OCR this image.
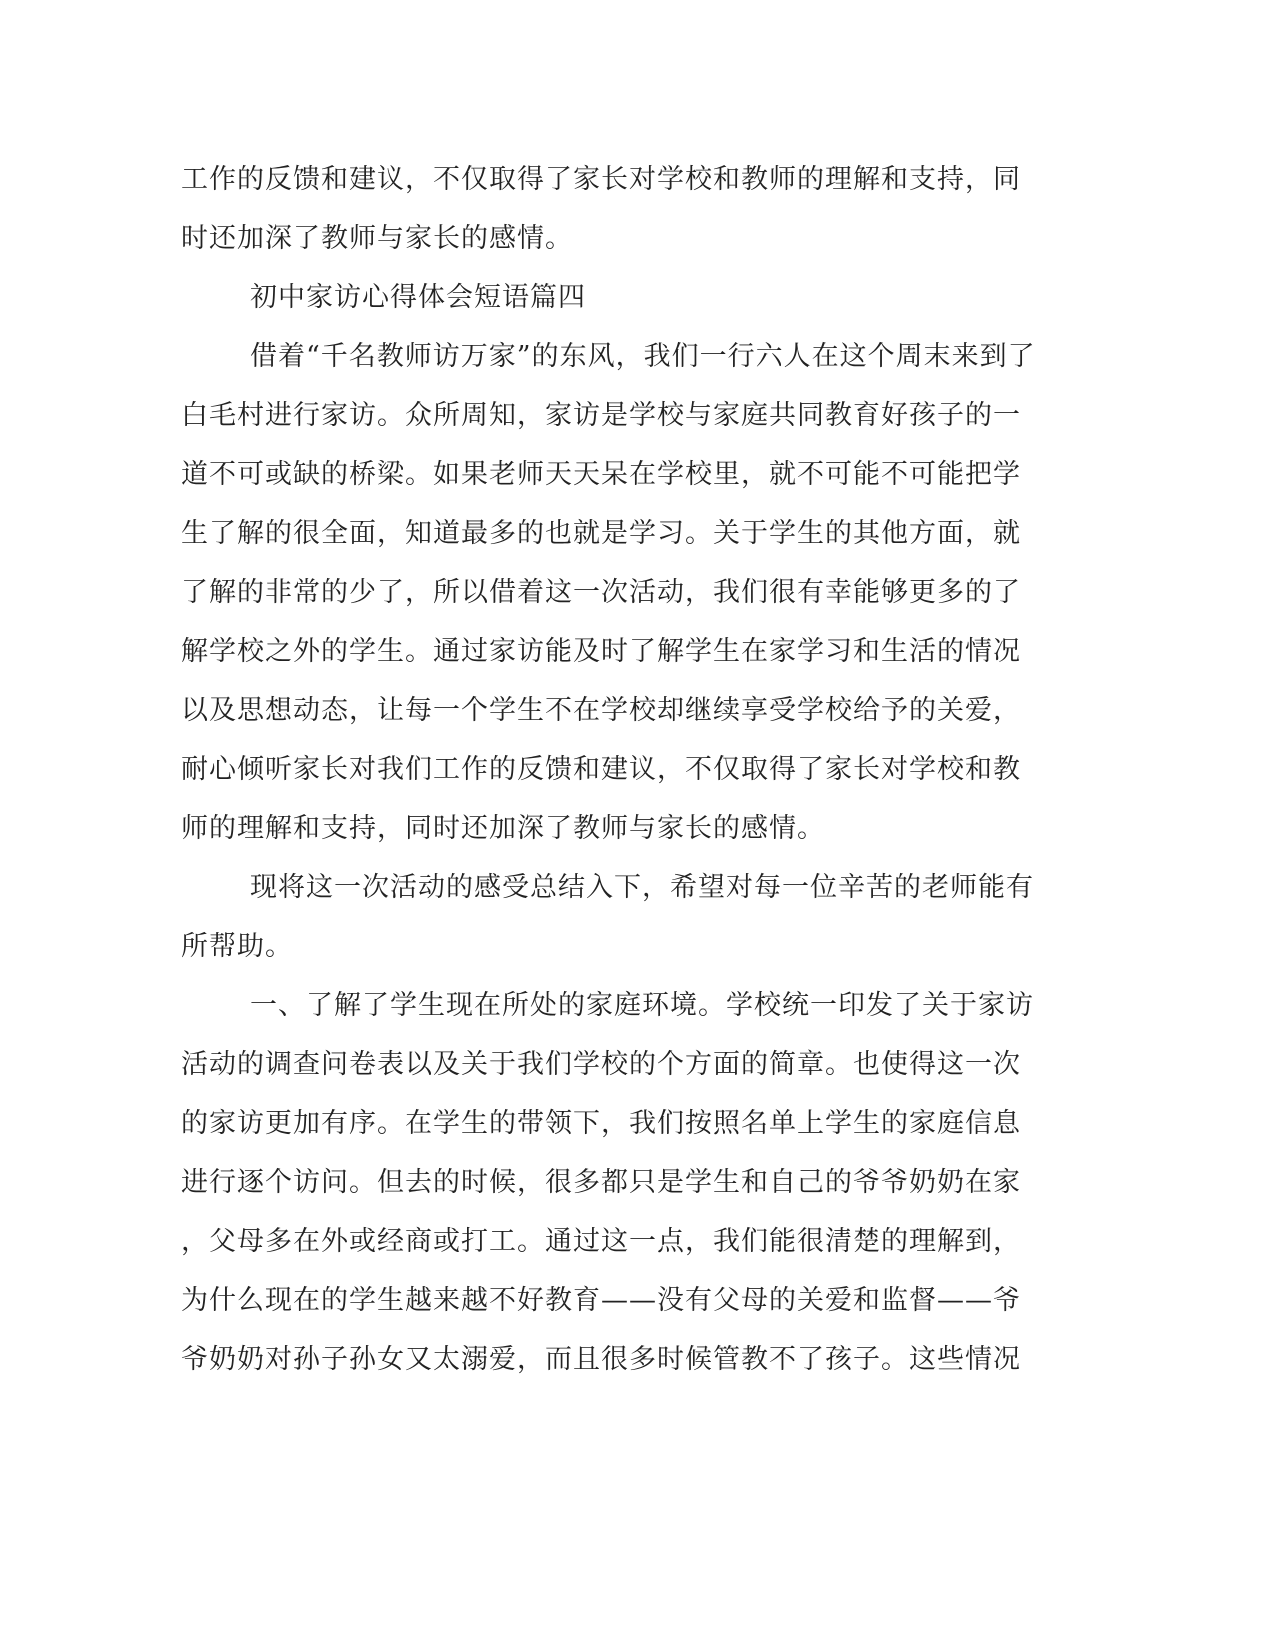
工作的反馈和建议，不仅取得了家长对学校和教师的理解和支持，同
时还加深了教师与家长的感情。
初中家访心得体会短语篇四
借着“千名教师访万家”的东风，我们一行六人在这个周末来到了
白毛村进行家访。众所周知，家访是学校与家庭共同教育好孩子的一
道不可或缺的桥梁。如果老师天天呆在学校里，就不可能不可能把学
生了解的很全面，知道最多的也就是学习。关于学生的其他方面，就
了解的非常的少了，所以借着这一次活动，我们很有幸能够更多的了
解学校之外的学生。通过家访能及时了解学生在家学习和生活的情况
以及思想动态，让每一个学生不在学校却继续享受学校给予的关爱，
耐心倾听家长对我们工作的反馈和建议，不仅取得了家长对学校和教
师的理解和支持，同时还加深了教师与家长的感情。
现将这一次活动的感受总结入下，希望对每一位辛苦的老师能有
所帮助。
一、了解了学生现在所处的家庭环境。学校统一印发了关于家访
活动的调查问卷表以及关于我们学校的个方面的简章。也使得这一次
的家访更加有序。在学生的带领下，我们按照名单上学生的家庭信息
进行逐个访问。但去的时候，很多都只是学生和自己的爷爷奶奶在家
，父母多在外或经商或打工。通过这一点，我们能很清楚的理解到，
为什么现在的学生越来越不好教育——没有父母的关爱和监督——爷
爷奶奶对孙子孙女又太溺爱，而且很多时候管教不了孩子。这些情况
